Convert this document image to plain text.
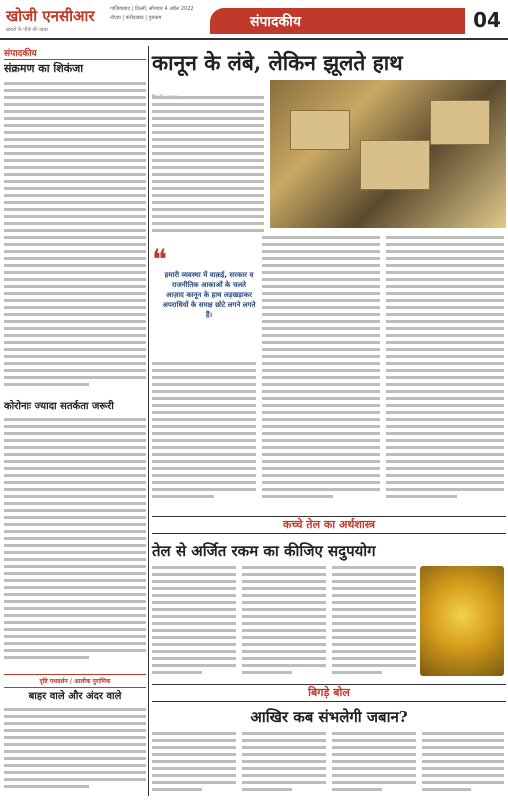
खोजी एनसीआर
ख़बरों के पीछे की ख़बर
गाज़ियाबाद | दिल्ली, सोमवार 4 अप्रैल 2022
नोएडा | फरीदाबाद | गुरुग्राम	संपादकीय	04
संपादकीय
संक्रमण का शिकंजा
कोरोनाः ज्यादा सतर्कता जरूरी
दृष्टि पथदर्शन / आलोक पुराणिक
बाहर वाले और अंदर वाले
कानून के लंबे, लेकिन झूलते हाथ
❝
हमारी व्यवस्था में वाक़ई, सरकार व राजनीतिक आकाओं के चलते आज़ाद कानून के हाथ लड़खड़ाकर अपराधियों के समक्ष छोटे लगने लगते हैं।
कच्चे तेल का अर्थशास्त्र
तेल से अर्जित रकम का कीजिए सदुपयोग
बिगड़े बोल
आखिर कब संभलेगी जबान?
